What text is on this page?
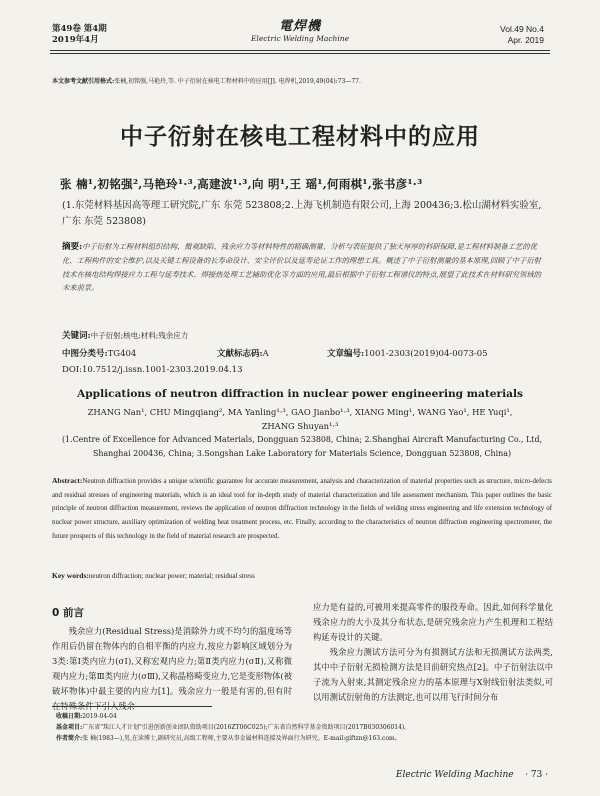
第49卷 第4期
2019年4月
電焊機
Electric Welding Machine
Vol.49 No.4
Apr. 2019
本文参考文献引用格式:张楠,初铭强,马艳玲,等. 中子衍射在核电工程材料中的应用[J]. 电焊机,2019,49(04):73—77.
中子衍射在核电工程材料中的应用
张 楠¹,初铭强²,马艳玲¹·³,高建波¹·³,向 明¹,王 瑶¹,何雨棋¹,张书彦¹·³
(1.东莞材料基因高等理工研究院,广东 东莞 523808;2.上海飞机制造有限公司,上海 200436;3.松山湖材料实验室,广东 东莞 523808)
摘要:中子衍射为工程材料组织结构、微观缺陷、残余应力等材料特性的精确测量、分析与表征提供了独天厚厚的科研保障,是工程材料制备工艺的优化、工程构件的安全维护,以及关键工程设备的长寿命设计、安全评价以及延寿论证工作的理想工具。概述了中子衍射测量的基本原理,回顾了中子衍射技术在核电结构焊接应力工程与延寿技术、焊接热处理工艺辅助优化等方面的应用,最后根据中子衍射工程谱仪的特点,展望了此技术在材料研究领域的未来前景。
关键词:中子衍射;核电;材料;残余应力
中图分类号:TG404	文献标志码:A	文章编号:1001-2303(2019)04-0073-05
DOI:10.7512/j.issn.1001-2303.2019.04.13
Applications of neutron diffraction in nuclear power engineering materials
ZHANG Nan¹, CHU Mingqiang², MA Yanling¹·³, GAO Jianbo¹·³, XIANG Ming¹, WANG Yao¹, HE Yuqi¹, ZHANG Shuyan¹·³
(1.Centre of Excellence for Advanced Materials, Dongguan 523808, China; 2.Shanghai Aircraft Manufacturing Co., Ltd, Shanghai 200436, China; 3.Songshan Lake Laboratory for Materials Science, Dongguan 523808, China)
Abstract:Neutron diffraction provides a unique scientific guarantee for accurate measurement, analysis and characterization of material properties such as structure, micro-defects and residual stresses of engineering materials, which is an ideal tool for in-depth study of material characterization and life assessment mechanism. This paper outlines the basic principle of neutron diffraction measurement, reviews the application of neutron diffraction technology in the fields of welding stress engineering and life extension technology of nuclear power structure, auxiliary optimization of welding heat treatment process, etc. Finally, according to the characteristics of neutron diffraction engineering spectrometer, the future prospects of this technology in the field of material research are prospected.
Key words:neutron diffraction; nuclear power; material; residual stress
0 前言
残余应力(Residual Stress)是消除外力或不均匀的温度场等作用后仍留在物体内的自相平衡的内应力,按应力影响区域划分为3类:第Ⅰ类内应力(σⅠ),又称宏观内应力;第Ⅱ类内应力(σⅡ),又称微观内应力;第Ⅲ类内应力(σⅢ),又称晶格畸变应力,它是变形物体(被破坏物体)中最主要的内应力[1]。残余应力一般是有害的,但有时在特殊条件下引入残余
应力是有益的,可被用来提高零件的服役寿命。因此,如何科学量化残余应力的大小及其分布状态,是研究残余应力产生机理和工程结构延寿设计的关键。
残余应力测试方法可分为有损测试方法和无损测试方法两类,其中中子衍射无损检测方法是目前研究热点[2]。中子衍射法以中子流为入射束,其测定残余应力的基本原理与X射线衍射法类似,可以用测试衍射角的方法测定,也可以用飞行时间分布
收稿日期:2019-04-04
基金项目:广东省"珠江人才计划"引进创新创业团队资助项目(2016ZT06C025);广东省自然科学基金资助项目(2017B030306014)。
作者简介:张 楠(1983—),男,在读博士,副研究员,高级工程师,主要从事金属材料连接及界面行为研究。E-mail:giftzn@163.com。
Electric Welding Machine · 73 ·
